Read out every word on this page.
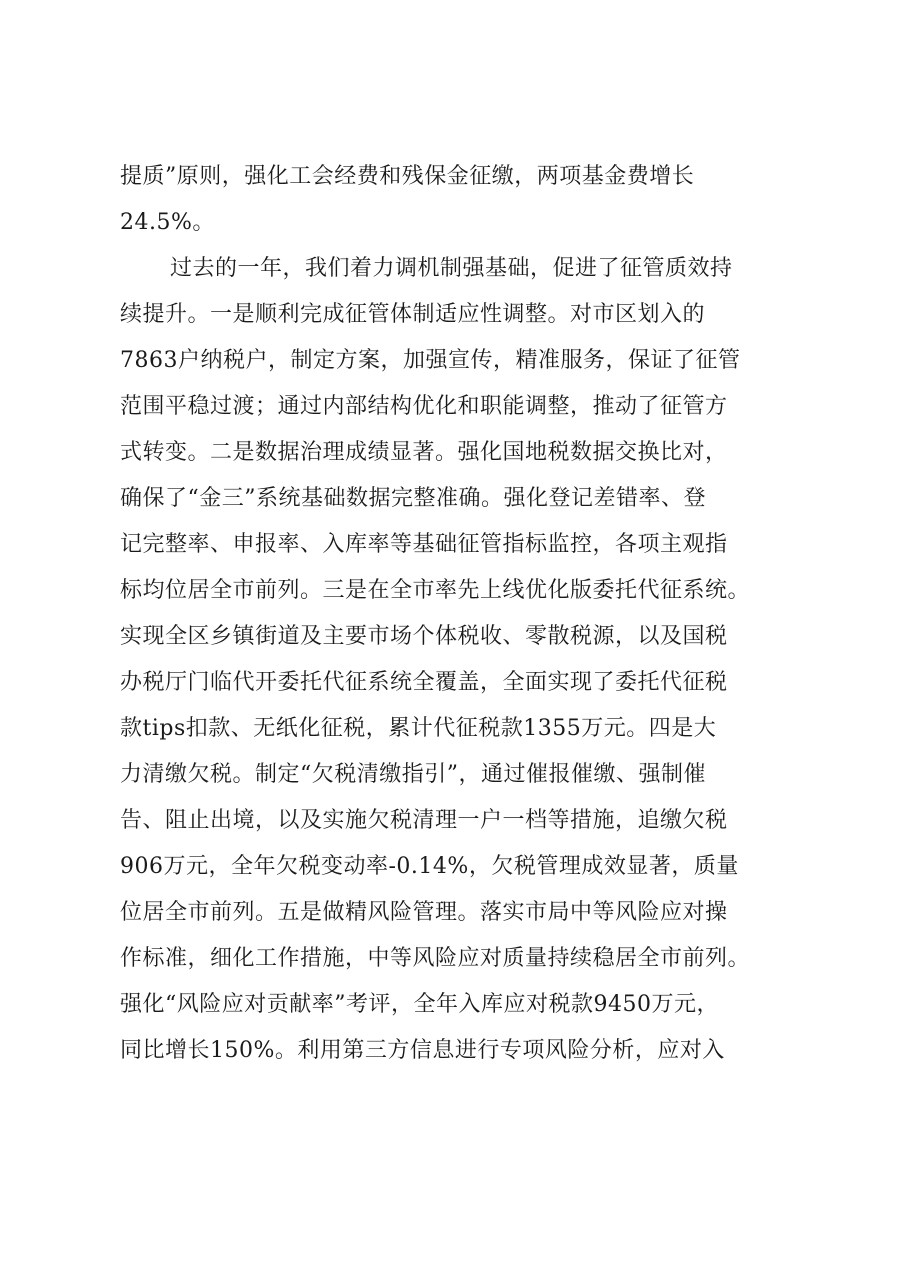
提质”原则，强化工会经费和残保金征缴，两项基金费增长
24.5%。
过去的一年，我们着力调机制强基础，促进了征管质效持
续提升。一是顺利完成征管体制适应性调整。对市区划入的
7863户纳税户，制定方案，加强宣传，精准服务，保证了征管
范围平稳过渡；通过内部结构优化和职能调整，推动了征管方
式转变。二是数据治理成绩显著。强化国地税数据交换比对，
确保了“金三”系统基础数据完整准确。强化登记差错率、登
记完整率、申报率、入库率等基础征管指标监控，各项主观指
标均位居全市前列。三是在全市率先上线优化版委托代征系统。
实现全区乡镇街道及主要市场个体税收、零散税源，以及国税
办税厅门临代开委托代征系统全覆盖，全面实现了委托代征税
款tips扣款、无纸化征税，累计代征税款1355万元。四是大
力清缴欠税。制定“欠税清缴指引”，通过催报催缴、强制催
告、阻止出境，以及实施欠税清理一户一档等措施，追缴欠税
906万元，全年欠税变动率-0.14%，欠税管理成效显著，质量
位居全市前列。五是做精风险管理。落实市局中等风险应对操
作标准，细化工作措施，中等风险应对质量持续稳居全市前列。
强化“风险应对贡献率”考评，全年入库应对税款9450万元，
同比增长150%。利用第三方信息进行专项风险分析，应对入
